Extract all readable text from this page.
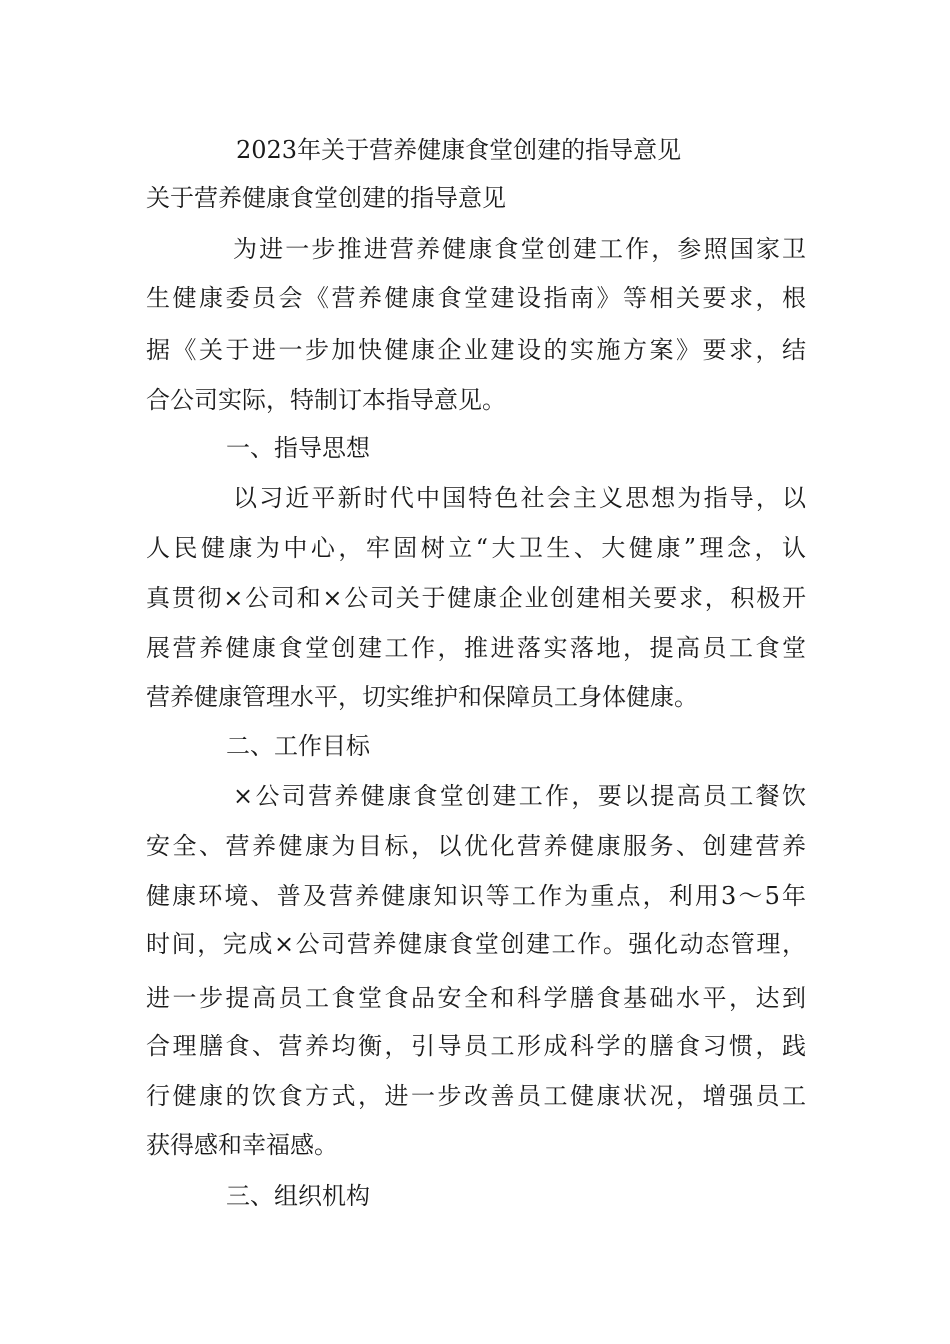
2023年关于营养健康食堂创建的指导意见
关于营养健康食堂创建的指导意见
为进一步推进营养健康食堂创建工作，参照国家卫
生健康委员会《营养健康食堂建设指南》等相关要求，根
据《关于进一步加快健康企业建设的实施方案》要求，结
合公司实际，特制订本指导意见。
一、指导思想
以习近平新时代中国特色社会主义思想为指导，以
人民健康为中心，牢固树立“大卫生、大健康”理念，认
真贯彻×公司和×公司关于健康企业创建相关要求，积极开
展营养健康食堂创建工作，推进落实落地，提高员工食堂
营养健康管理水平，切实维护和保障员工身体健康。
二、工作目标
×公司营养健康食堂创建工作，要以提高员工餐饮
安全、营养健康为目标，以优化营养健康服务、创建营养
健康环境、普及营养健康知识等工作为重点，利用3～5年
时间，完成×公司营养健康食堂创建工作。强化动态管理，
进一步提高员工食堂食品安全和科学膳食基础水平，达到
合理膳食、营养均衡，引导员工形成科学的膳食习惯，践
行健康的饮食方式，进一步改善员工健康状况，增强员工
获得感和幸福感。
三、组织机构
